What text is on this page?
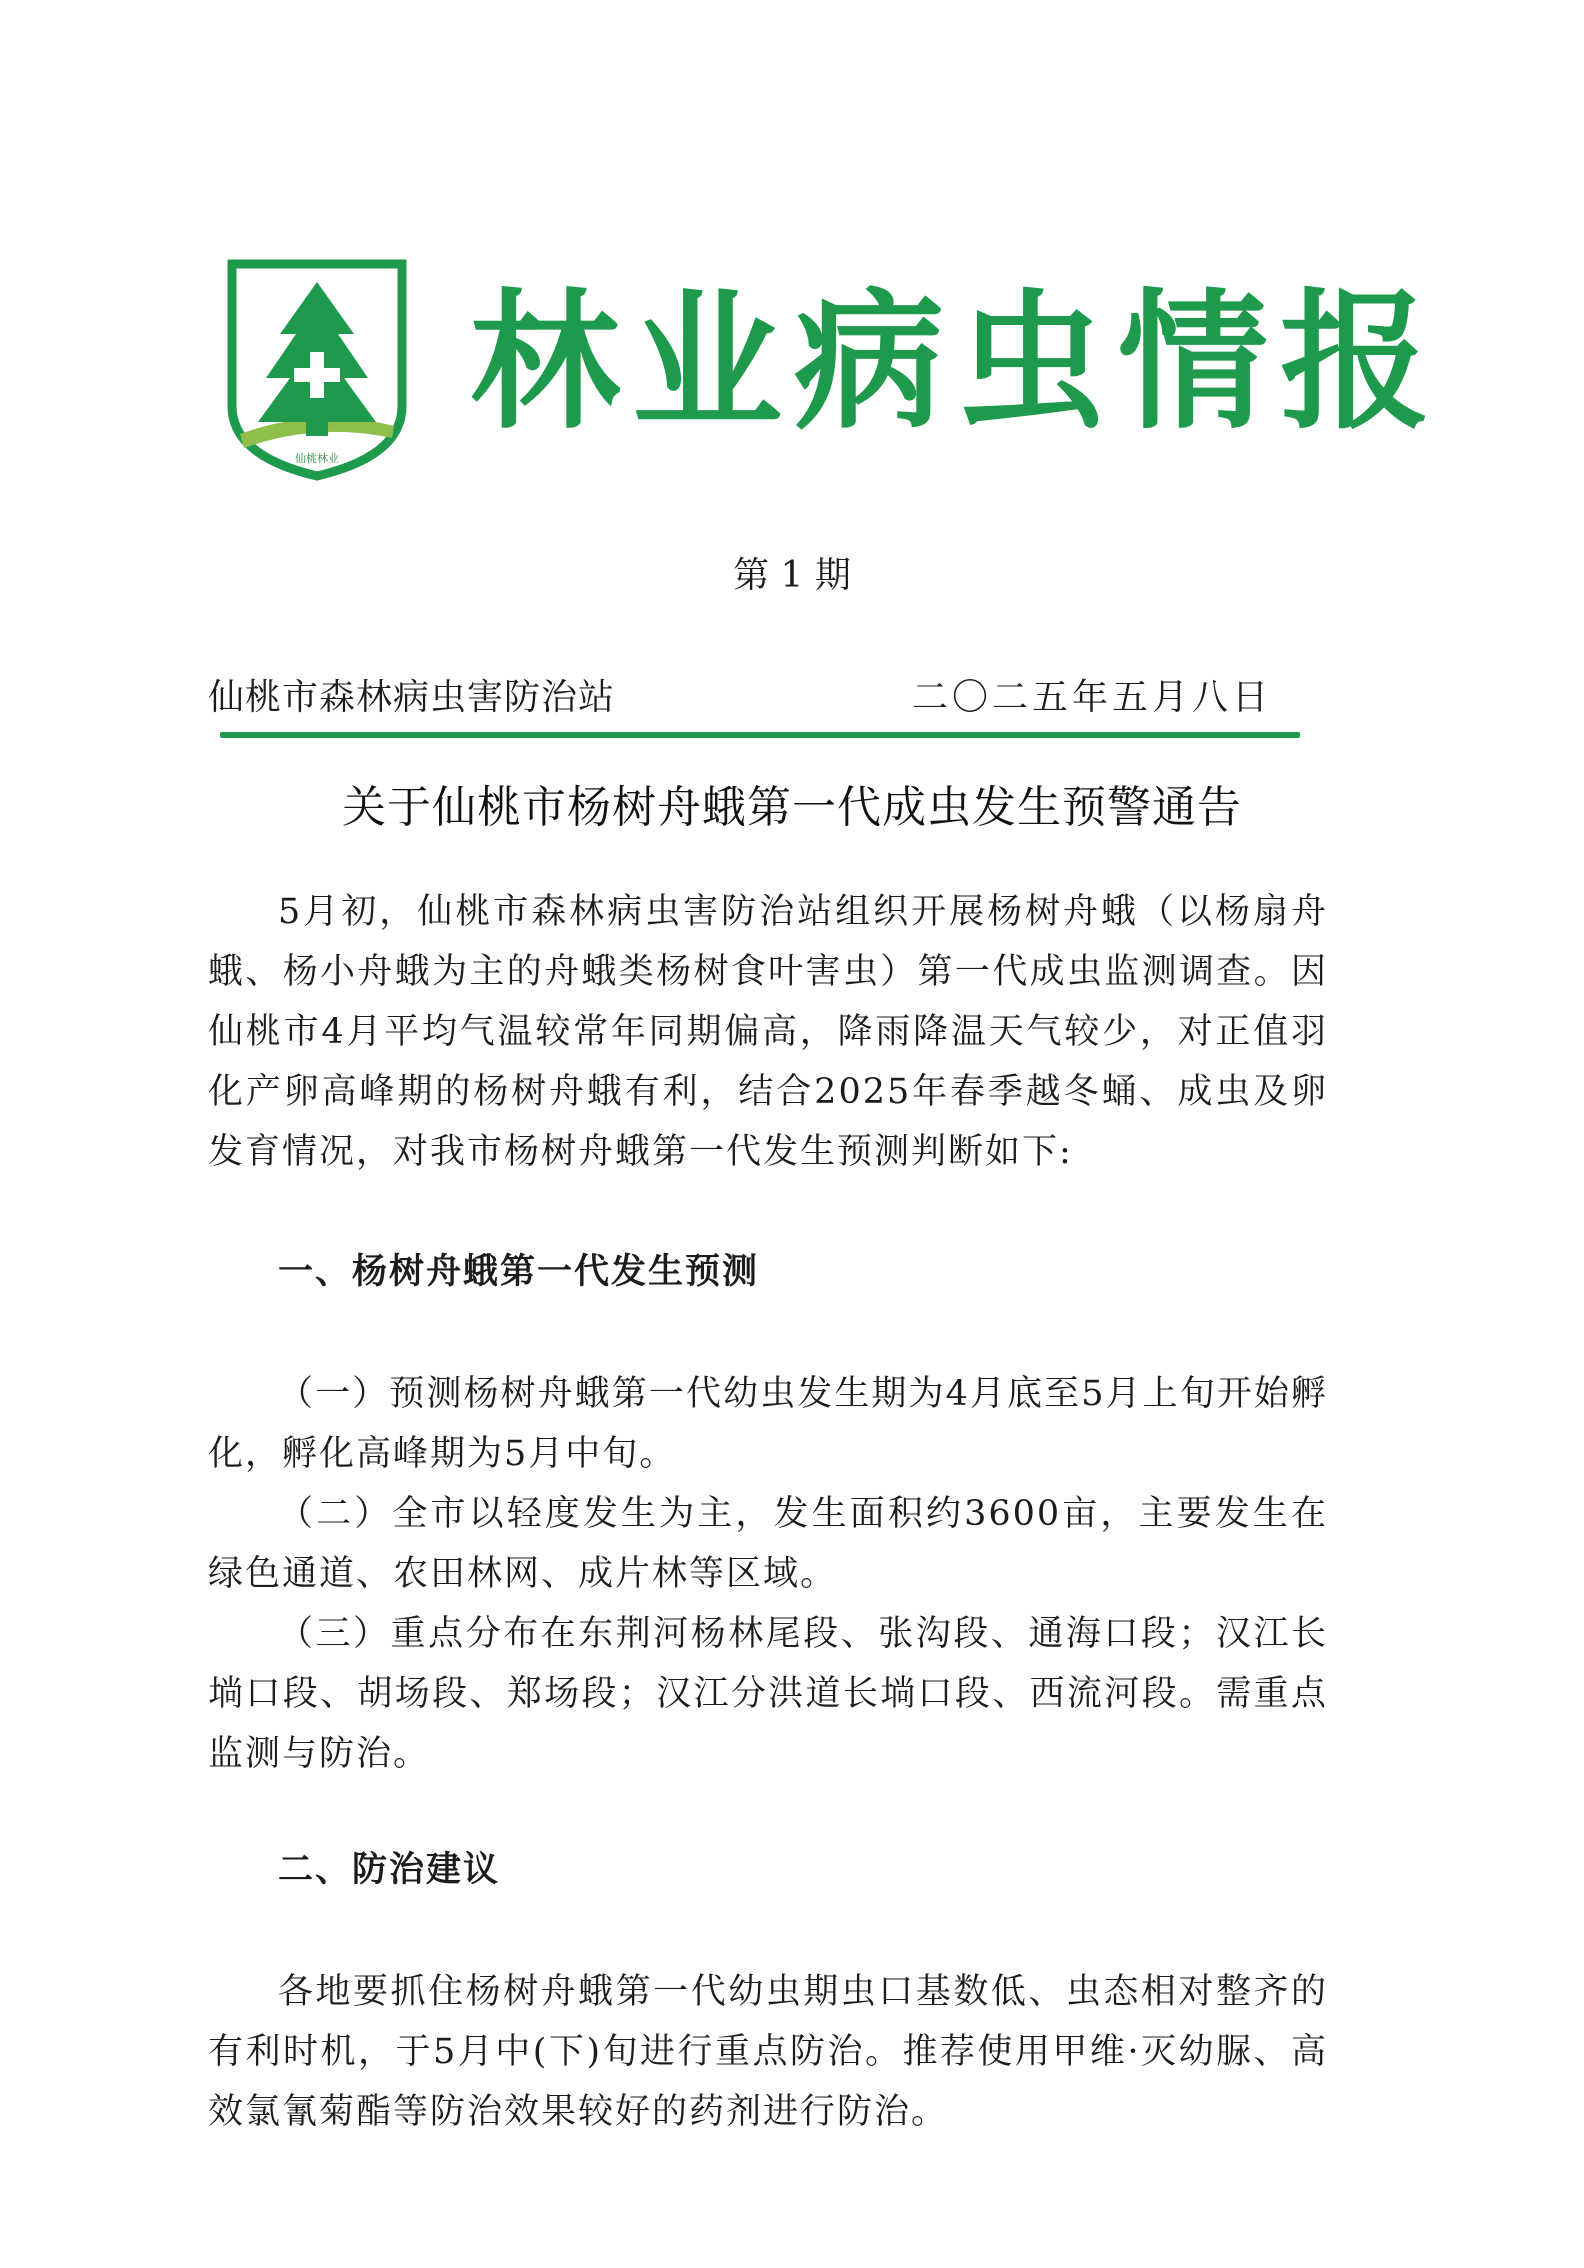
仙桃林业
林业病虫情报
第 1 期
仙桃市森林病虫害防治站	二〇二五年五月八日
关于仙桃市杨树舟蛾第一代成虫发生预警通告

5月初，仙桃市森林病虫害防治站组织开展杨树舟蛾（以杨扇舟蛾、杨小舟蛾为主的舟蛾类杨树食叶害虫）第一代成虫监测调查。因仙桃市4月平均气温较常年同期偏高，降雨降温天气较少，对正值羽化产卵高峰期的杨树舟蛾有利，结合2025年春季越冬蛹、成虫及卵发育情况，对我市杨树舟蛾第一代发生预测判断如下:

一、杨树舟蛾第一代发生预测

（一）预测杨树舟蛾第一代幼虫发生期为4月底至5月上旬开始孵化，孵化高峰期为5月中旬。

（二）全市以轻度发生为主，发生面积约3600亩，主要发生在绿色通道、农田林网、成片林等区域。

（三）重点分布在东荆河杨林尾段、张沟段、通海口段；汉江长埫口段、胡场段、郑场段；汉江分洪道长埫口段、西流河段。需重点监测与防治。

二、防治建议

各地要抓住杨树舟蛾第一代幼虫期虫口基数低、虫态相对整齐的有利时机，于5月中(下)旬进行重点防治。推荐使用甲维·灭幼脲、高效氯氰菊酯等防治效果较好的药剂进行防治。
